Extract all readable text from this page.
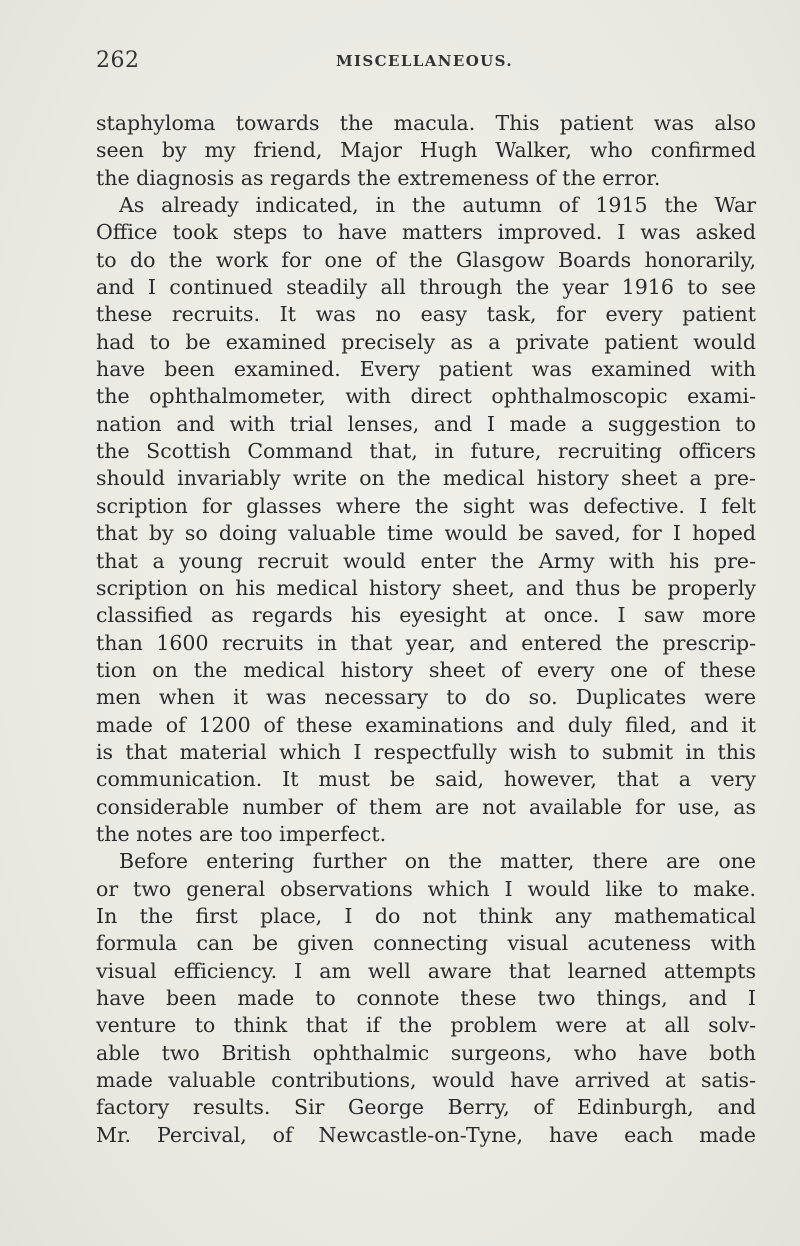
262	MISCELLANEOUS.
staphyloma towards the macula. This patient was also
seen by my friend, Major Hugh Walker, who confirmed
the diagnosis as regards the extremeness of the error.
As already indicated, in the autumn of 1915 the War
Office took steps to have matters improved. I was asked
to do the work for one of the Glasgow Boards honorarily,
and I continued steadily all through the year 1916 to see
these recruits. It was no easy task, for every patient
had to be examined precisely as a private patient would
have been examined. Every patient was examined with
the ophthalmometer, with direct ophthalmoscopic exami-
nation and with trial lenses, and I made a suggestion to
the Scottish Command that, in future, recruiting officers
should invariably write on the medical history sheet a pre-
scription for glasses where the sight was defective. I felt
that by so doing valuable time would be saved, for I hoped
that a young recruit would enter the Army with his pre-
scription on his medical history sheet, and thus be properly
classified as regards his eyesight at once. I saw more
than 1600 recruits in that year, and entered the prescrip-
tion on the medical history sheet of every one of these
men when it was necessary to do so. Duplicates were
made of 1200 of these examinations and duly filed, and it
is that material which I respectfully wish to submit in this
communication. It must be said, however, that a very
considerable number of them are not available for use, as
the notes are too imperfect.
Before entering further on the matter, there are one
or two general observations which I would like to make.
In the first place, I do not think any mathematical
formula can be given connecting visual acuteness with
visual efficiency. I am well aware that learned attempts
have been made to connote these two things, and I
venture to think that if the problem were at all solv-
able two British ophthalmic surgeons, who have both
made valuable contributions, would have arrived at satis-
factory results. Sir George Berry, of Edinburgh, and
Mr. Percival, of Newcastle-on-Tyne, have each made
